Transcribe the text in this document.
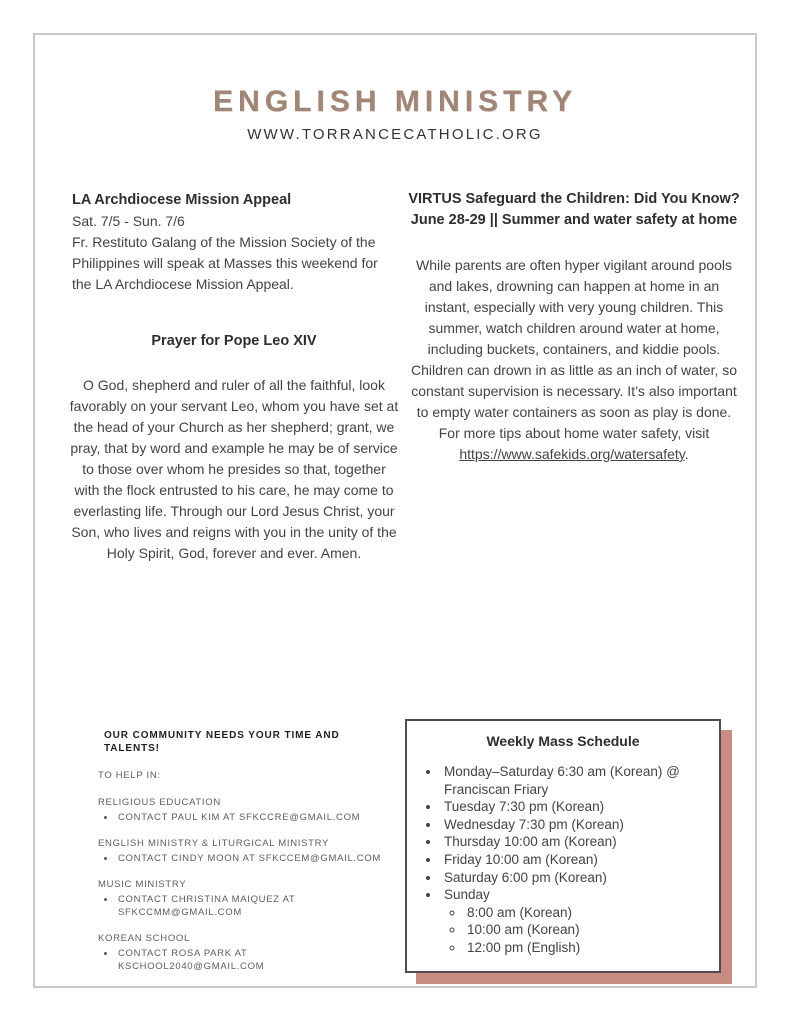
ENGLISH MINISTRY
WWW.TORRANCECATHOLIC.ORG
LA Archdiocese Mission Appeal
Sat. 7/5 - Sun. 7/6
Fr. Restituto Galang of the Mission Society of the Philippines will speak at Masses this weekend for the LA Archdiocese Mission Appeal.
Prayer for Pope Leo XIV
O God, shepherd and ruler of all the faithful, look favorably on your servant Leo, whom you have set at the head of your Church as her shepherd; grant, we pray, that by word and example he may be of service to those over whom he presides so that, together with the flock entrusted to his care, he may come to everlasting life. Through our Lord Jesus Christ, your Son, who lives and reigns with you in the unity of the Holy Spirit, God, forever and ever. Amen.
VIRTUS Safeguard the Children: Did You Know?
June 28-29 || Summer and water safety at home
While parents are often hyper vigilant around pools and lakes, drowning can happen at home in an instant, especially with very young children. This summer, watch children around water at home, including buckets, containers, and kiddie pools. Children can drown in as little as an inch of water, so constant supervision is necessary. It’s also important to empty water containers as soon as play is done. For more tips about home water safety, visit https://www.safekids.org/watersafety.
OUR COMMUNITY NEEDS YOUR TIME AND TALENTS!
TO HELP IN:
RELIGIOUS EDUCATION
• CONTACT PAUL KIM AT SFKCCRE@GMAIL.COM
ENGLISH MINISTRY & LITURGICAL MINISTRY
• CONTACT CINDY MOON AT SFKCCEM@GMAIL.COM
MUSIC MINISTRY
• CONTACT CHRISTINA MAIQUEZ AT SFKCCMM@GMAIL.COM
KOREAN SCHOOL
• CONTACT ROSA PARK AT KSCHOOL2040@GMAIL.COM
Weekly Mass Schedule
• Monday–Saturday 6:30 am (Korean) @ Franciscan Friary
• Tuesday 7:30 pm (Korean)
• Wednesday 7:30 pm (Korean)
• Thursday 10:00 am (Korean)
• Friday 10:00 am (Korean)
• Saturday 6:00 pm (Korean)
• Sunday
◦ 8:00 am (Korean)
◦ 10:00 am (Korean)
◦ 12:00 pm (English)
